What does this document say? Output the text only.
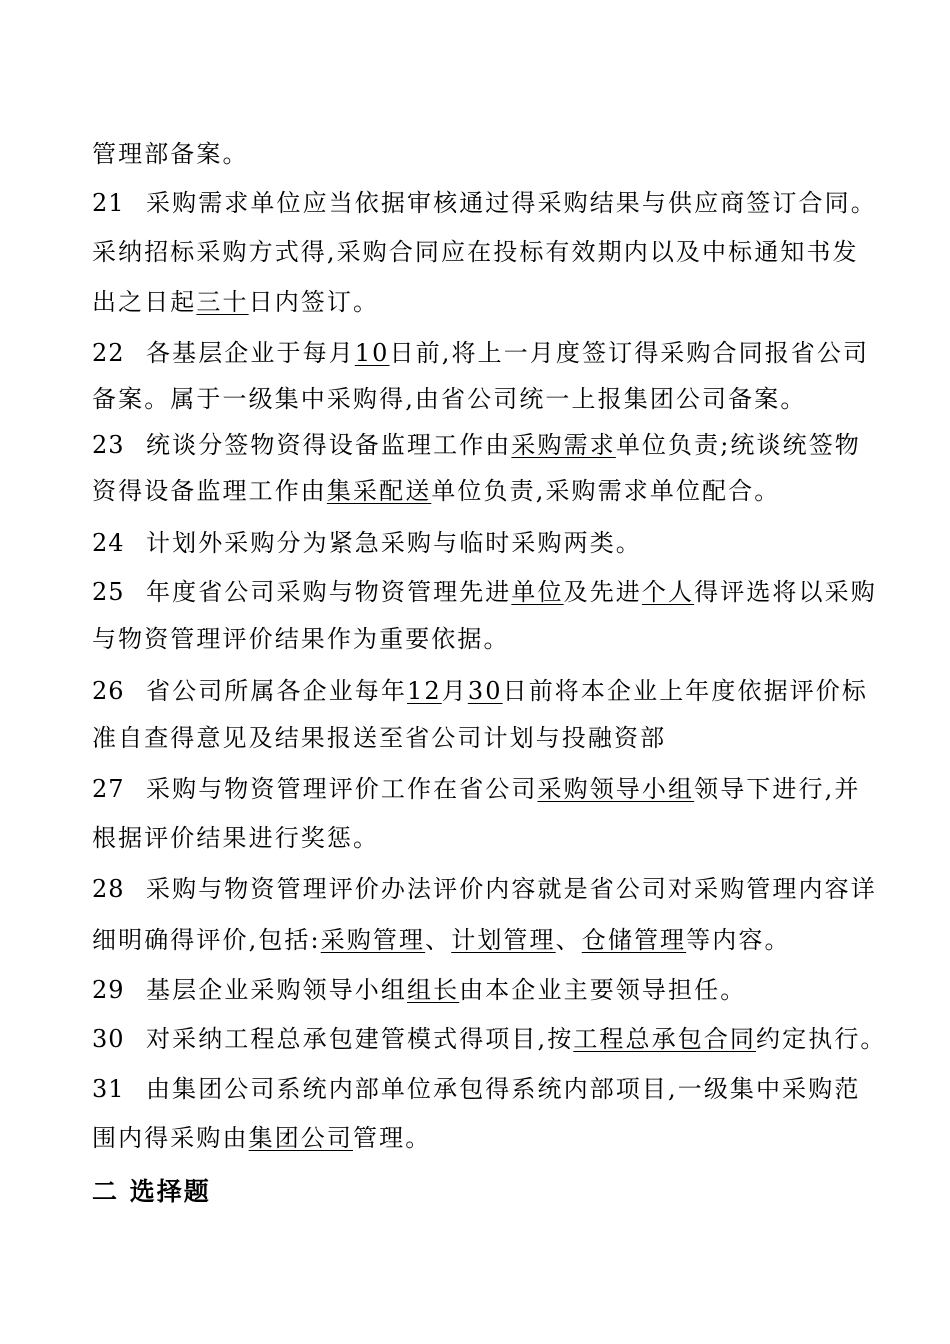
管理部备案。
21 采购需求单位应当依据审核通过得采购结果与供应商签订合同。
采纳招标采购方式得,采购合同应在投标有效期内以及中标通知书发
出之日起三十日内签订。
22 各基层企业于每月10日前,将上一月度签订得采购合同报省公司
备案。属于一级集中采购得,由省公司统一上报集团公司备案。
23 统谈分签物资得设备监理工作由采购需求单位负责;统谈统签物
资得设备监理工作由集采配送单位负责,采购需求单位配合。
24 计划外采购分为紧急采购与临时采购两类。
25 年度省公司采购与物资管理先进单位及先进个人得评选将以采购
与物资管理评价结果作为重要依据。
26 省公司所属各企业每年12月30日前将本企业上年度依据评价标
准自查得意见及结果报送至省公司计划与投融资部
27 采购与物资管理评价工作在省公司采购领导小组领导下进行,并
根据评价结果进行奖惩。
28 采购与物资管理评价办法评价内容就是省公司对采购管理内容详
细明确得评价,包括:采购管理、计划管理、仓储管理等内容。
29 基层企业采购领导小组组长由本企业主要领导担任。
30 对采纳工程总承包建管模式得项目,按工程总承包合同约定执行。
31 由集团公司系统内部单位承包得系统内部项目,一级集中采购范
围内得采购由集团公司管理。
二 选择题
